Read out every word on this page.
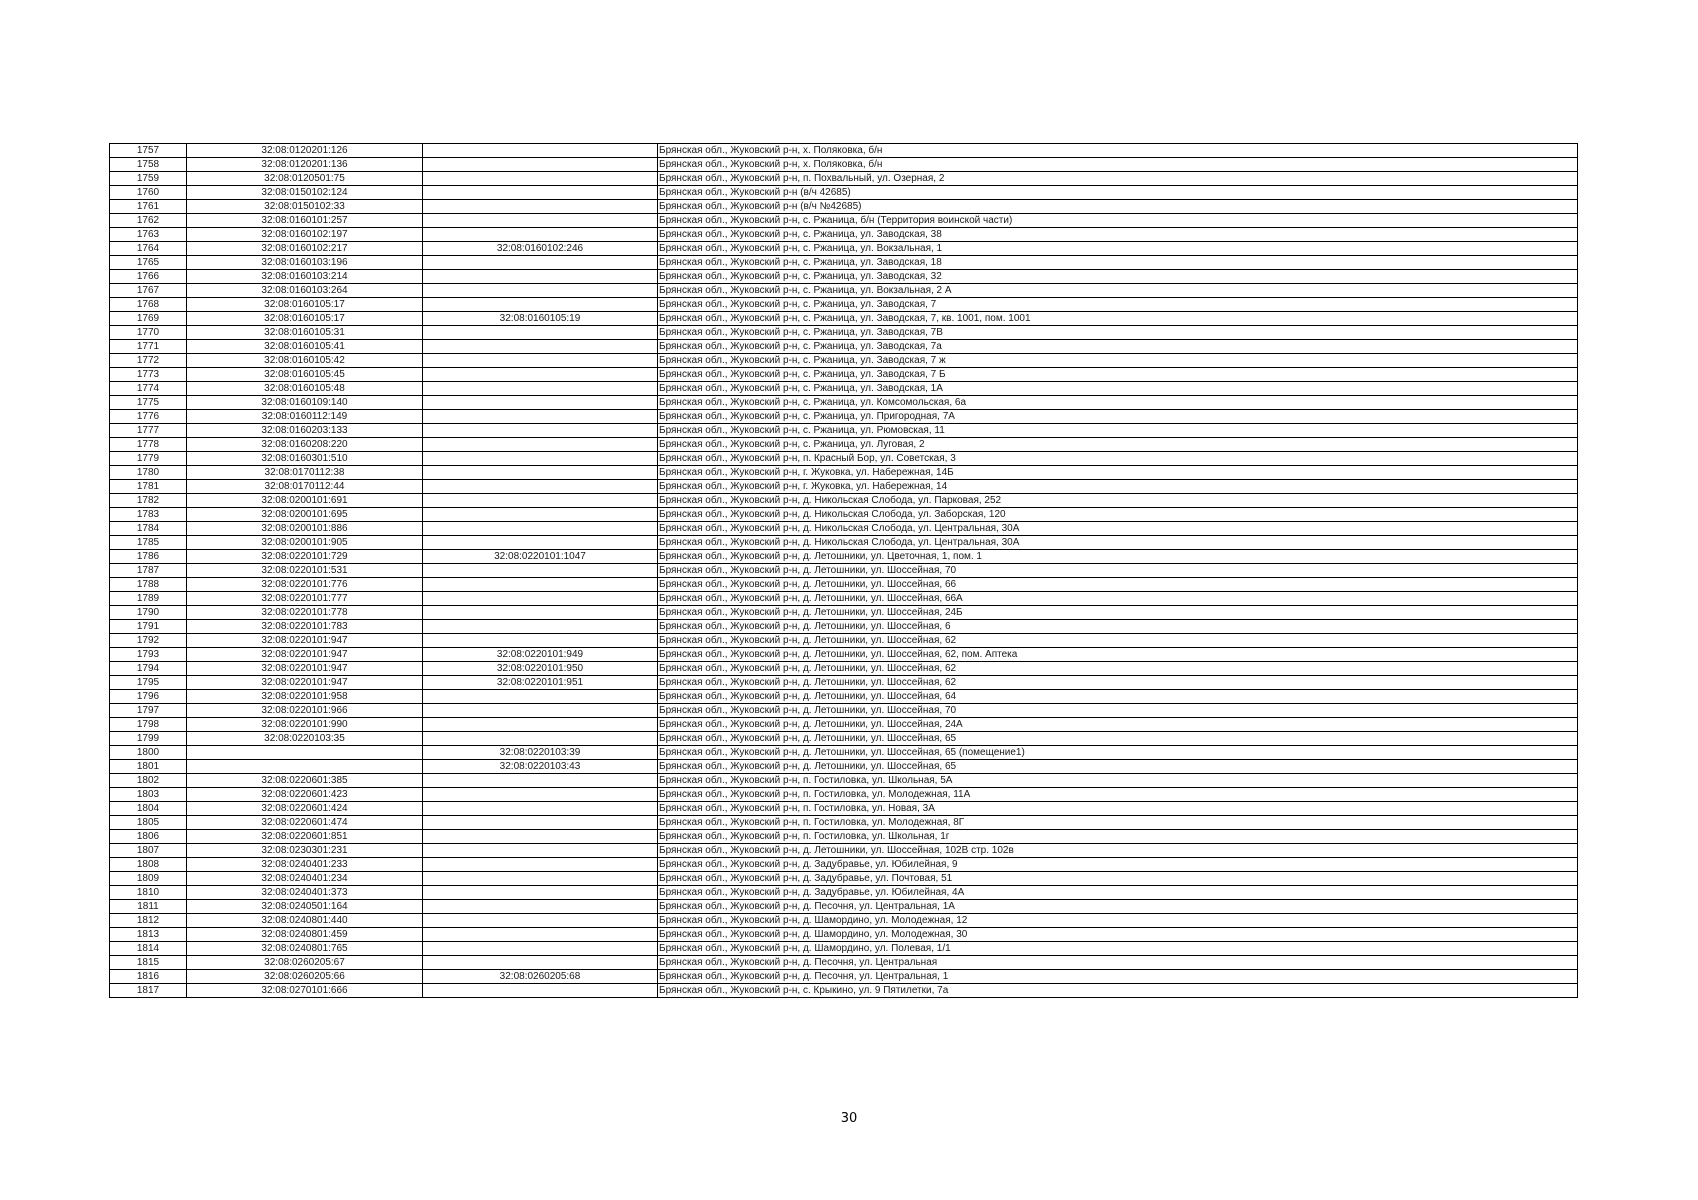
1757	32:08:0120201:126		Брянская обл., Жуковский р-н, х. Поляковка, б/н
1758	32:08:0120201:136		Брянская обл., Жуковский р-н, х. Поляковка, б/н
1759	32:08:0120501:75		Брянская обл., Жуковский р-н, п. Похвальный, ул. Озерная, 2
1760	32:08:0150102:124		Брянская обл., Жуковский р-н (в/ч 42685)
1761	32:08:0150102:33		Брянская обл., Жуковский р-н (в/ч №42685)
1762	32:08:0160101:257		Брянская обл., Жуковский р-н, с. Ржаница, б/н (Территория воинской части)
1763	32:08:0160102:197		Брянская обл., Жуковский р-н, с. Ржаница, ул. Заводская, 38
1764	32:08:0160102:217	32:08:0160102:246	Брянская обл., Жуковский р-н, с. Ржаница, ул. Вокзальная, 1
1765	32:08:0160103:196		Брянская обл., Жуковский р-н, с. Ржаница, ул. Заводская, 18
1766	32:08:0160103:214		Брянская обл., Жуковский р-н, с. Ржаница, ул. Заводская, 32
1767	32:08:0160103:264		Брянская обл., Жуковский р-н, с. Ржаница, ул. Вокзальная, 2 А
1768	32:08:0160105:17		Брянская обл., Жуковский р-н, с. Ржаница, ул. Заводская, 7
1769	32:08:0160105:17	32:08:0160105:19	Брянская обл., Жуковский р-н, с. Ржаница, ул. Заводская, 7, кв. 1001, пом. 1001
1770	32:08:0160105:31		Брянская обл., Жуковский р-н, с. Ржаница, ул. Заводская, 7В
1771	32:08:0160105:41		Брянская обл., Жуковский р-н, с. Ржаница, ул. Заводская, 7а
1772	32:08:0160105:42		Брянская обл., Жуковский р-н, с. Ржаница, ул. Заводская, 7 ж
1773	32:08:0160105:45		Брянская обл., Жуковский р-н, с. Ржаница, ул. Заводская, 7 Б
1774	32:08:0160105:48		Брянская обл., Жуковский р-н, с. Ржаница, ул. Заводская, 1А
1775	32:08:0160109:140		Брянская обл., Жуковский р-н, с. Ржаница, ул. Комсомольская, 6а
1776	32:08:0160112:149		Брянская обл., Жуковский р-н, с. Ржаница, ул. Пригородная, 7А
1777	32:08:0160203:133		Брянская обл., Жуковский р-н, с. Ржаница, ул. Рюмовская, 11
1778	32:08:0160208:220		Брянская обл., Жуковский р-н, с. Ржаница, ул. Луговая, 2
1779	32:08:0160301:510		Брянская обл., Жуковский р-н, п. Красный Бор, ул. Советская, 3
1780	32:08:0170112:38		Брянская обл., Жуковский р-н, г. Жуковка, ул. Набережная, 14Б
1781	32:08:0170112:44		Брянская обл., Жуковский р-н, г. Жуковка, ул. Набережная, 14
1782	32:08:0200101:691		Брянская обл., Жуковский р-н, д. Никольская Слобода, ул. Парковая, 252
1783	32:08:0200101:695		Брянская обл., Жуковский р-н, д. Никольская Слобода, ул. Заборская, 120
1784	32:08:0200101:886		Брянская обл., Жуковский р-н, д. Никольская Слобода, ул. Центральная, 30А
1785	32:08:0200101:905		Брянская обл., Жуковский р-н, д. Никольская Слобода, ул. Центральная, 30А
1786	32:08:0220101:729	32:08:0220101:1047	Брянская обл., Жуковский р-н, д. Летошники, ул. Цветочная, 1, пом. 1
1787	32:08:0220101:531		Брянская обл., Жуковский р-н, д. Летошники, ул. Шоссейная, 70
1788	32:08:0220101:776		Брянская обл., Жуковский р-н, д. Летошники, ул. Шоссейная, 66
1789	32:08:0220101:777		Брянская обл., Жуковский р-н, д. Летошники, ул. Шоссейная, 66А
1790	32:08:0220101:778		Брянская обл., Жуковский р-н, д. Летошники, ул. Шоссейная, 24Б
1791	32:08:0220101:783		Брянская обл., Жуковский р-н, д. Летошники, ул. Шоссейная, 6
1792	32:08:0220101:947		Брянская обл., Жуковский р-н, д. Летошники, ул. Шоссейная, 62
1793	32:08:0220101:947	32:08:0220101:949	Брянская обл., Жуковский р-н, д. Летошники, ул. Шоссейная, 62, пом. Аптека
1794	32:08:0220101:947	32:08:0220101:950	Брянская обл., Жуковский р-н, д. Летошники, ул. Шоссейная, 62
1795	32:08:0220101:947	32:08:0220101:951	Брянская обл., Жуковский р-н, д. Летошники, ул. Шоссейная, 62
1796	32:08:0220101:958		Брянская обл., Жуковский р-н, д. Летошники, ул. Шоссейная, 64
1797	32:08:0220101:966		Брянская обл., Жуковский р-н, д. Летошники, ул. Шоссейная, 70
1798	32:08:0220101:990		Брянская обл., Жуковский р-н, д. Летошники, ул. Шоссейная, 24А
1799	32:08:0220103:35		Брянская обл., Жуковский р-н, д. Летошники, ул. Шоссейная, 65
1800		32:08:0220103:39	Брянская обл., Жуковский р-н, д. Летошники, ул. Шоссейная, 65 (помещение1)
1801		32:08:0220103:43	Брянская обл., Жуковский р-н, д. Летошники, ул. Шоссейная, 65
1802	32:08:0220601:385		Брянская обл., Жуковский р-н, п. Гостиловка, ул. Школьная, 5А
1803	32:08:0220601:423		Брянская обл., Жуковский р-н, п. Гостиловка, ул. Молодежная, 11А
1804	32:08:0220601:424		Брянская обл., Жуковский р-н, п. Гостиловка, ул. Новая, 3А
1805	32:08:0220601:474		Брянская обл., Жуковский р-н, п. Гостиловка, ул. Молодежная, 8Г
1806	32:08:0220601:851		Брянская обл., Жуковский р-н, п. Гостиловка, ул. Школьная, 1г
1807	32:08:0230301:231		Брянская обл., Жуковский р-н, д. Летошники, ул. Шоссейная, 102В стр. 102в
1808	32:08:0240401:233		Брянская обл., Жуковский р-н, д. Задубравье, ул. Юбилейная, 9
1809	32:08:0240401:234		Брянская обл., Жуковский р-н, д. Задубравье, ул. Почтовая, 51
1810	32:08:0240401:373		Брянская обл., Жуковский р-н, д. Задубравье, ул. Юбилейная, 4А
1811	32:08:0240501:164		Брянская обл., Жуковский р-н, д. Песочня, ул. Центральная, 1А
1812	32:08:0240801:440		Брянская обл., Жуковский р-н, д. Шамордино, ул. Молодежная, 12
1813	32:08:0240801:459		Брянская обл., Жуковский р-н, д. Шамордино, ул. Молодежная, 30
1814	32:08:0240801:765		Брянская обл., Жуковский р-н, д. Шамордино, ул. Полевая, 1/1
1815	32:08:0260205:67		Брянская обл., Жуковский р-н, д. Песочня, ул. Центральная
1816	32:08:0260205:66	32:08:0260205:68	Брянская обл., Жуковский р-н, д. Песочня, ул. Центральная, 1
1817	32:08:0270101:666		Брянская обл., Жуковский р-н, с. Крыкино, ул. 9 Пятилетки, 7а
30
